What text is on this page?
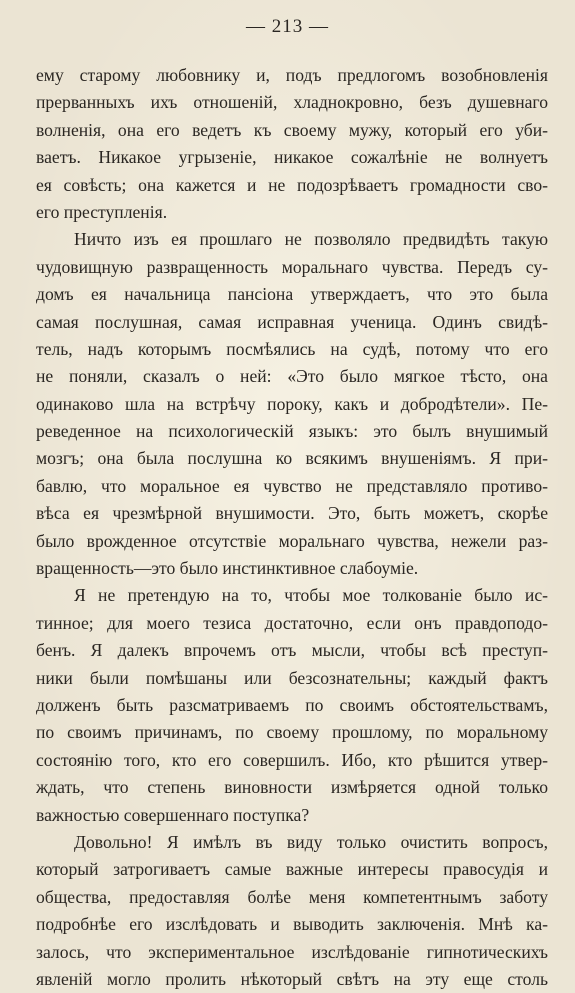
— 213 —
ему старому любовнику и, подъ предлогомъ возобновленія
прерванныхъ ихъ отношеній, хладнокровно, безъ душевнаго
волненія, она его ведетъ къ своему мужу, который его уби-
ваетъ. Никакое угрызеніе, никакое сожалѣніе не волнуетъ
ея совѣсть; она кажется и не подозрѣваетъ громадности сво-
его преступленія.
Ничто изъ ея прошлаго не позволяло предвидѣть такую
чудовищную развращенность моральнаго чувства. Передъ су-
домъ ея начальница пансіона утверждаетъ, что это была
самая послушная, самая исправная ученица. Одинъ свидѣ-
тель, надъ которымъ посмѣялись на судѣ, потому что его
не поняли, сказалъ о ней: «Это было мягкое тѣсто, она
одинаково шла на встрѣчу пороку, какъ и добродѣтели». Пе-
реведенное на психологическій языкъ: это былъ внушимый
мозгъ; она была послушна ко всякимъ внушеніямъ. Я при-
бавлю, что моральное ея чувство не представляло противо-
вѣса ея чрезмѣрной внушимости. Это, быть можетъ, скорѣе
было врожденное отсутствіе моральнаго чувства, нежели раз-
вращенность—это было инстинктивное слабоуміе.
Я не претендую на то, чтобы мое толкованіе было ис-
тинное; для моего тезиса достаточно, если онъ правдоподо-
бенъ. Я далекъ впрочемъ отъ мысли, чтобы всѣ преступ-
ники были помѣшаны или безсознательны; каждый фактъ
долженъ быть разсматриваемъ по своимъ обстоятельствамъ,
по своимъ причинамъ, по своему прошлому, по моральному
состоянію того, кто его совершилъ. Ибо, кто рѣшится утвер-
ждать, что степень виновности измѣряется одной только
важностью совершеннаго поступка?
Довольно! Я имѣлъ въ виду только очистить вопросъ,
который затрогиваетъ самые важные интересы правосудія и
общества, предоставляя болѣе меня компетентнымъ заботу
подробнѣе его изслѣдовать и выводить заключенія. Мнѣ ка-
залось, что экспериментальное изслѣдованіе гипнотическихъ
явленій могло пролить нѣкоторый свѣтъ на эту еще столь
